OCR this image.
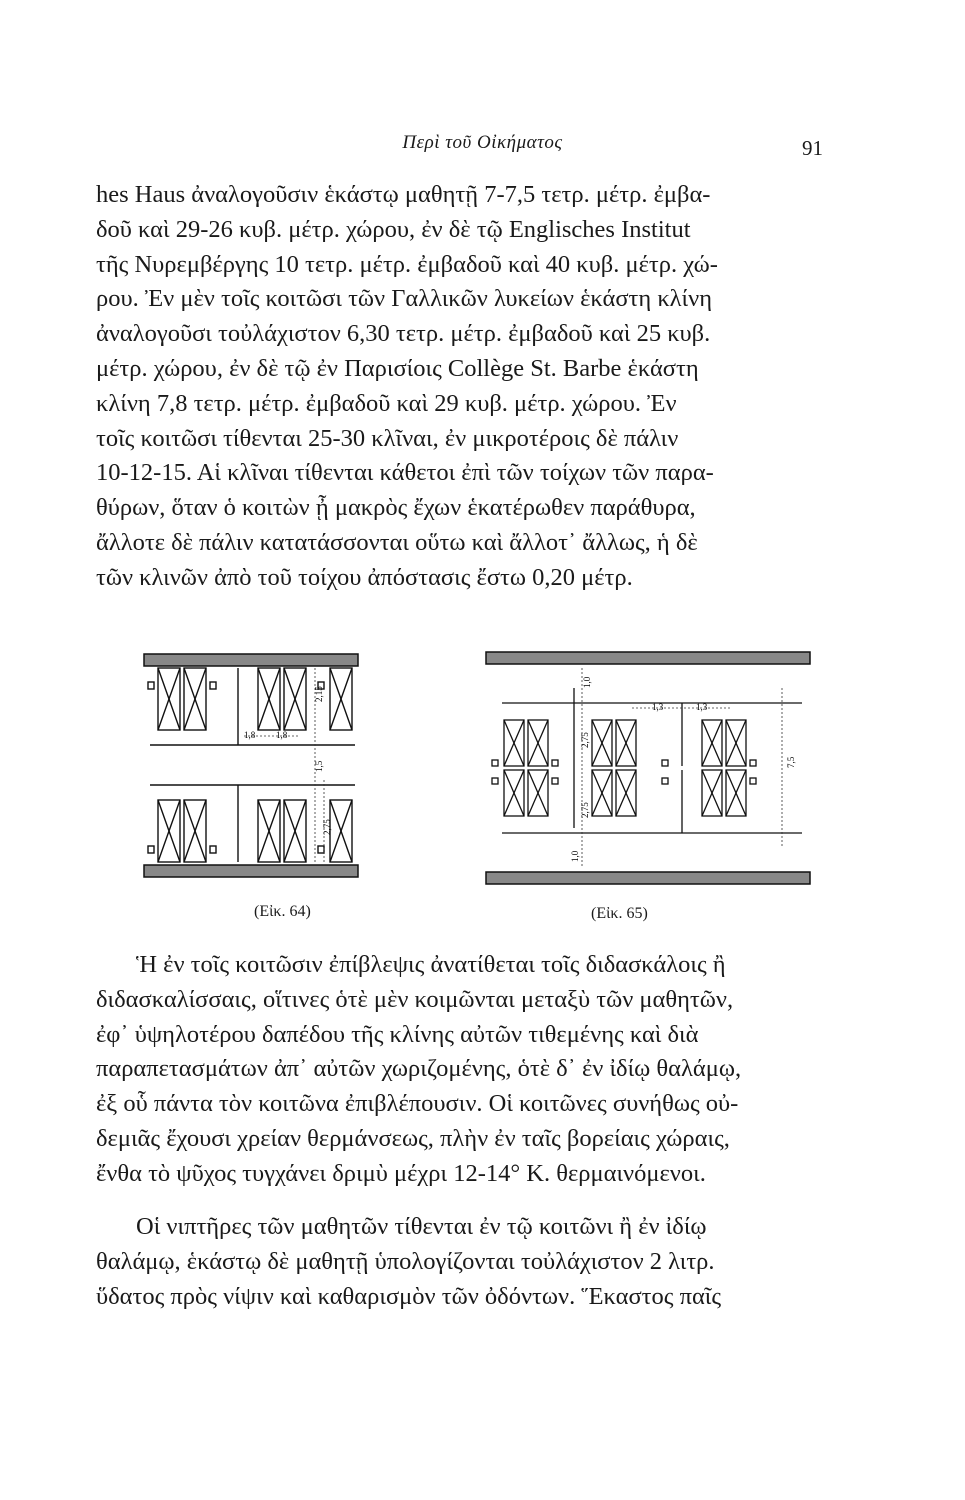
Περὶ τοῦ Οἰκήματος	91
hes Haus ἀναλογοῦσιν ἑκάστῳ μαθητῇ 7-7,5 τετρ. μέτρ. ἐμβα-
δοῦ καὶ 29-26 κυβ. μέτρ. χώρου, ἐν δὲ τῷ Englisches Institut
τῆς Νυρεμβέργης 10 τετρ. μέτρ. ἐμβαδοῦ καὶ 40 κυβ. μέτρ. χώ-
ρου. Ἐν μὲν τοῖς κοιτῶσι τῶν Γαλλικῶν λυκείων ἑκάστη κλίνη
ἀναλογοῦσι τοὐλάχιστον 6,30 τετρ. μέτρ. ἐμβαδοῦ καὶ 25 κυβ.
μέτρ. χώρου, ἐν δὲ τῷ ἐν Παρισίοις Collège St. Barbe ἑκάστη
κλίνη 7,8 τετρ. μέτρ. ἐμβαδοῦ καὶ 29 κυβ. μέτρ. χώρου. Ἐν
τοῖς κοιτῶσι τίθενται 25-30 κλῖναι, ἐν μικροτέροις δὲ πάλιν
10-12-15. Αἱ κλῖναι τίθενται κάθετοι ἐπὶ τῶν τοίχων τῶν παρα-
θύρων, ὅταν ὁ κοιτὼν ᾖ μακρὸς ἔχων ἑκατέρωθεν παράθυρα,
ἄλλοτε δὲ πάλιν κατατάσσονται οὕτω καὶ ἄλλοτ᾽ ἄλλως, ἡ δὲ
τῶν κλινῶν ἀπὸ τοῦ τοίχου ἀπόστασις ἔστω 0,20 μέτρ.
1,8 1,8
2,15
1,5
2,75
(Εἰκ. 64)
1,0
2,75
2,75
1,0
1,3	1,3
7,5
(Εἰκ. 65)
Ἡ ἐν τοῖς κοιτῶσιν ἐπίβλεψις ἀνατίθεται τοῖς διδασκάλοις ἢ
διδασκαλίσσαις, οἵτινες ὁτὲ μὲν κοιμῶνται μεταξὺ τῶν μαθητῶν,
ἐφ᾽ ὑψηλοτέρου δαπέδου τῆς κλίνης αὐτῶν τιθεμένης καὶ διὰ
παραπετασμάτων ἀπ᾽ αὐτῶν χωριζομένης, ὁτὲ δ᾽ ἐν ἰδίῳ θαλάμῳ,
ἐξ οὗ πάντα τὸν κοιτῶνα ἐπιβλέπουσιν. Οἱ κοιτῶνες συνήθως οὐ-
δεμιᾶς ἔχουσι χρείαν θερμάνσεως, πλὴν ἐν ταῖς βορείαις χώραις,
ἔνθα τὸ ψῦχος τυγχάνει δριμὺ μέχρι 12-14° Κ. θερμαινόμενοι.
Οἱ νιπτῆρες τῶν μαθητῶν τίθενται ἐν τῷ κοιτῶνι ἢ ἐν ἰδίῳ
θαλάμῳ, ἑκάστῳ δὲ μαθητῇ ὑπολογίζονται τοὐλάχιστον 2 λιτρ.
ὕδατος πρὸς νίψιν καὶ καθαρισμὸν τῶν ὀδόντων. Ἕκαστος παῖς
